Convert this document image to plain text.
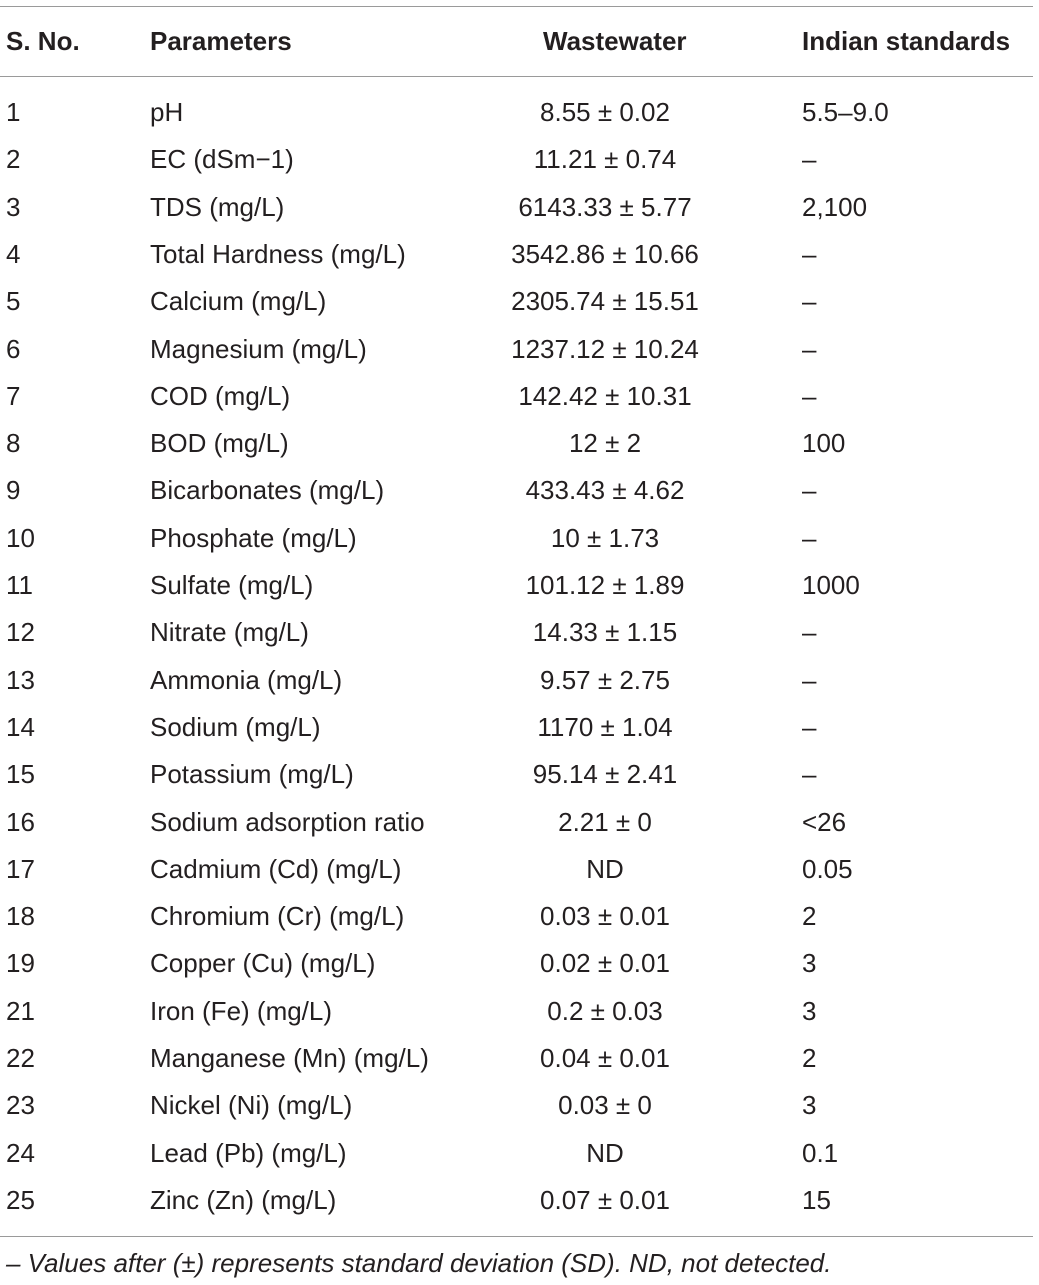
S. No.	Parameters	Wastewater	Indian standards
1	pH	8.55 ± 0.02	5.5–9.0
2	EC (dSm−1)	11.21 ± 0.74	–
3	TDS (mg/L)	6143.33 ± 5.77	2,100
4	Total Hardness (mg/L)	3542.86 ± 10.66	–
5	Calcium (mg/L)	2305.74 ± 15.51	–
6	Magnesium (mg/L)	1237.12 ± 10.24	–
7	COD (mg/L)	142.42 ± 10.31	–
8	BOD (mg/L)	12 ± 2	100
9	Bicarbonates (mg/L)	433.43 ± 4.62	–
10	Phosphate (mg/L)	10 ± 1.73	–
11	Sulfate (mg/L)	101.12 ± 1.89	1000
12	Nitrate (mg/L)	14.33 ± 1.15	–
13	Ammonia (mg/L)	9.57 ± 2.75	–
14	Sodium (mg/L)	1170 ± 1.04	–
15	Potassium (mg/L)	95.14 ± 2.41	–
16	Sodium adsorption ratio	2.21 ± 0	<26
17	Cadmium (Cd) (mg/L)	ND	0.05
18	Chromium (Cr) (mg/L)	0.03 ± 0.01	2
19	Copper (Cu) (mg/L)	0.02 ± 0.01	3
21	Iron (Fe) (mg/L)	0.2 ± 0.03	3
22	Manganese (Mn) (mg/L)	0.04 ± 0.01	2
23	Nickel (Ni) (mg/L)	0.03 ± 0	3
24	Lead (Pb) (mg/L)	ND	0.1
25	Zinc (Zn) (mg/L)	0.07 ± 0.01	15
– Values after (±) represents standard deviation (SD). ND, not detected.
